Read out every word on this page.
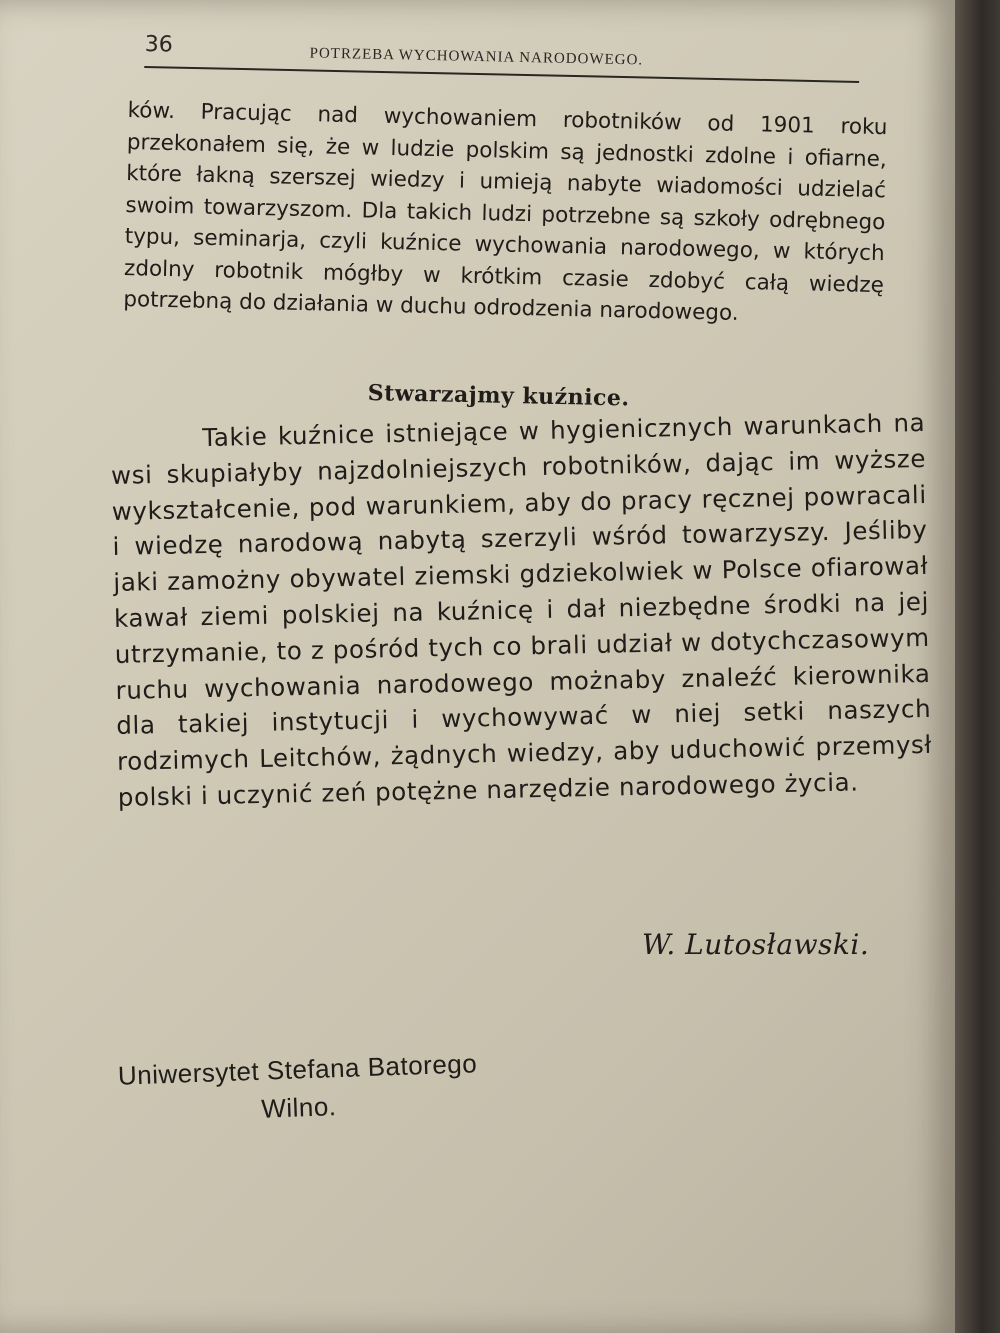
36	POTRZEBA WYCHOWANIA NARODOWEGO.

ków. Pracując nad wychowaniem robotników od 1901 roku przekonałem się, że w ludzie polskim są jednostki zdolne i ofiarne, które łakną szerszej wiedzy i umieją nabyte wiadomości udzielać swoim towarzyszom. Dla takich ludzi potrzebne są szkoły odrębnego typu, seminarja, czyli kuźnice wychowania narodowego, w których zdolny robotnik mógłby w krótkim czasie zdobyć całą wiedzę potrzebną do działania w duchu odrodzenia narodowego.

Stwarzajmy kuźnice.

Takie kuźnice istniejące w hygienicznych warunkach na wsi skupiałyby najzdolniejszych robotników, dając im wyższe wykształcenie, pod warunkiem, aby do pracy ręcznej powracali i wiedzę narodową nabytą szerzyli wśród towarzyszy. Jeśliby jaki zamożny obywatel ziemski gdziekolwiek w Polsce ofiarował kawał ziemi polskiej na kuźnicę i dał niezbędne środki na jej utrzymanie, to z pośród tych co brali udział w dotychczasowym ruchu wychowania narodowego możnaby znaleźć kierownika dla takiej instytucji i wychowywać w niej setki naszych rodzimych Leitchów, żądnych wiedzy, aby uduchowić przemysł polski i uczynić zeń potężne narzędzie narodowego życia.

W. Lutosławski.
Uniwersytet Stefana Batorego
Wilno.
